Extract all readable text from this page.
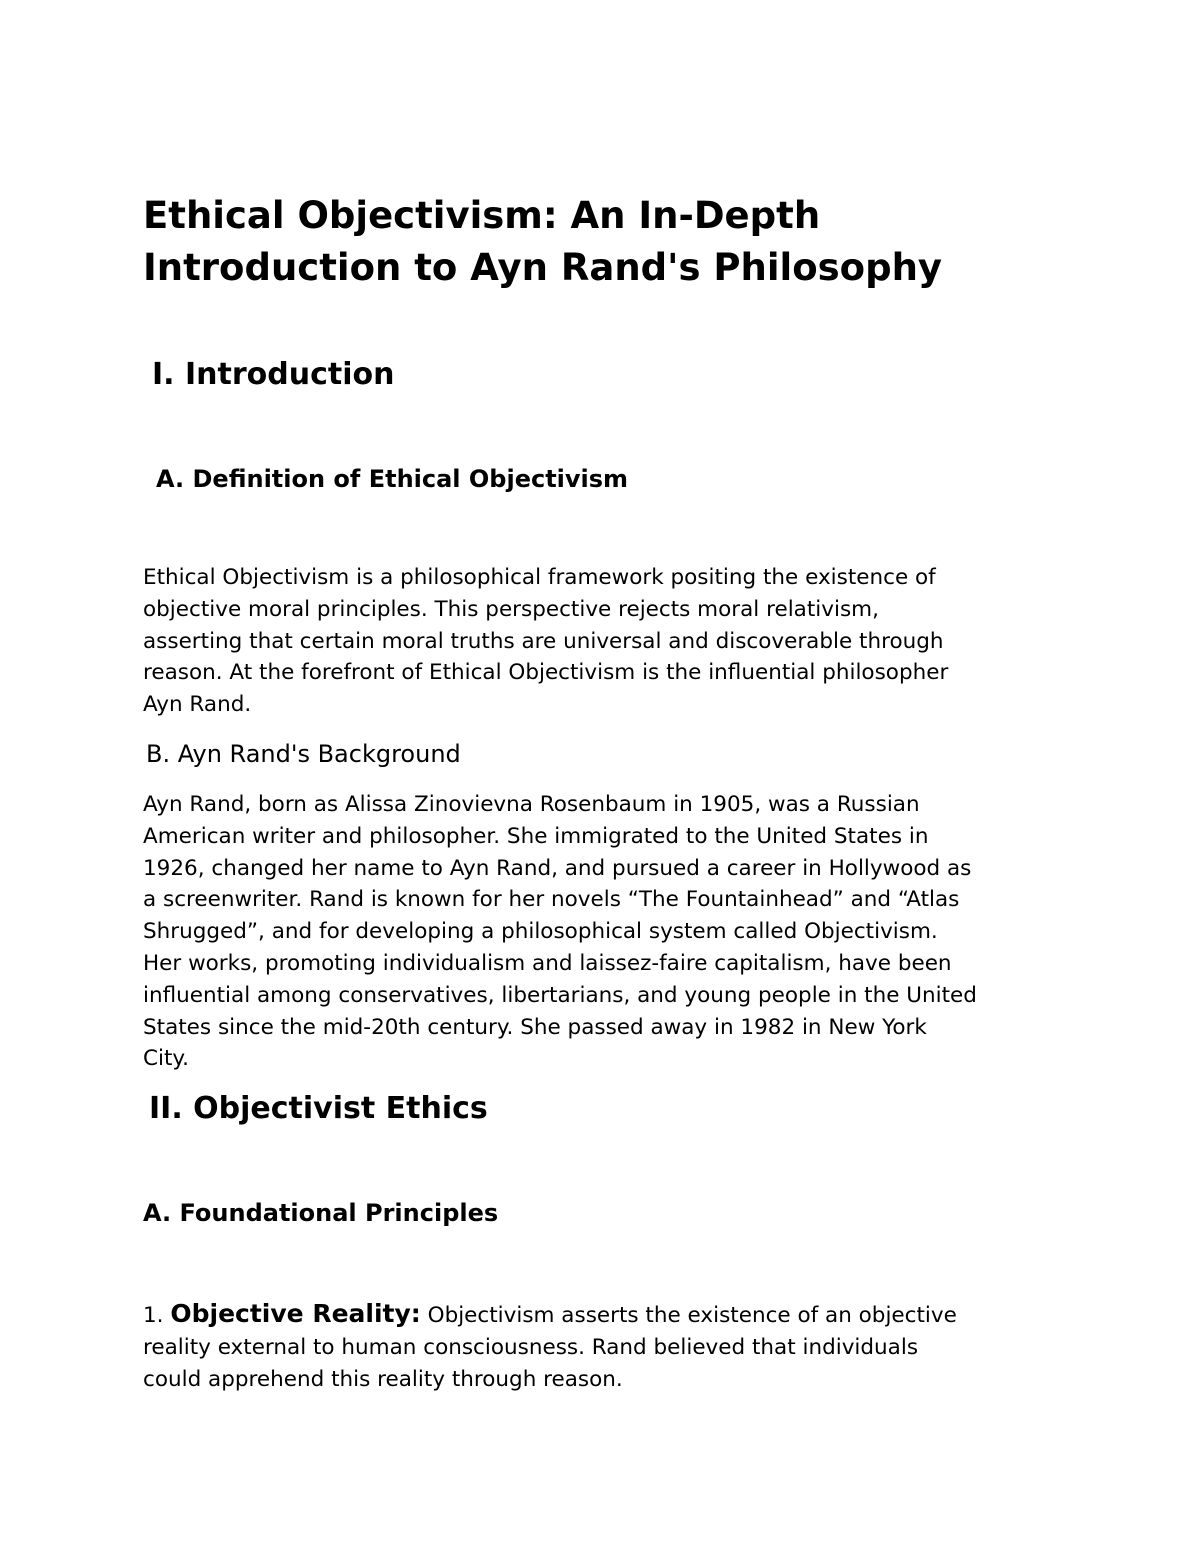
Ethical Objectivism: An In-Depth
Introduction to Ayn Rand's Philosophy
I. Introduction
A. Definition of Ethical Objectivism

Ethical Objectivism is a philosophical framework positing the existence of
objective moral principles. This perspective rejects moral relativism,
asserting that certain moral truths are universal and discoverable through
reason. At the forefront of Ethical Objectivism is the influential philosopher
Ayn Rand.

B. Ayn Rand's Background

Ayn Rand, born as Alissa Zinovievna Rosenbaum in 1905, was a Russian
American writer and philosopher. She immigrated to the United States in
1926, changed her name to Ayn Rand, and pursued a career in Hollywood as
a screenwriter. Rand is known for her novels “The Fountainhead” and “Atlas
Shrugged”, and for developing a philosophical system called Objectivism.
Her works, promoting individualism and laissez-faire capitalism, have been
influential among conservatives, libertarians, and young people in the United
States since the mid-20th century. She passed away in 1982 in New York
City.

II. Objectivist Ethics
A. Foundational Principles

1. Objective Reality: Objectivism asserts the existence of an objective
reality external to human consciousness. Rand believed that individuals
could apprehend this reality through reason.
